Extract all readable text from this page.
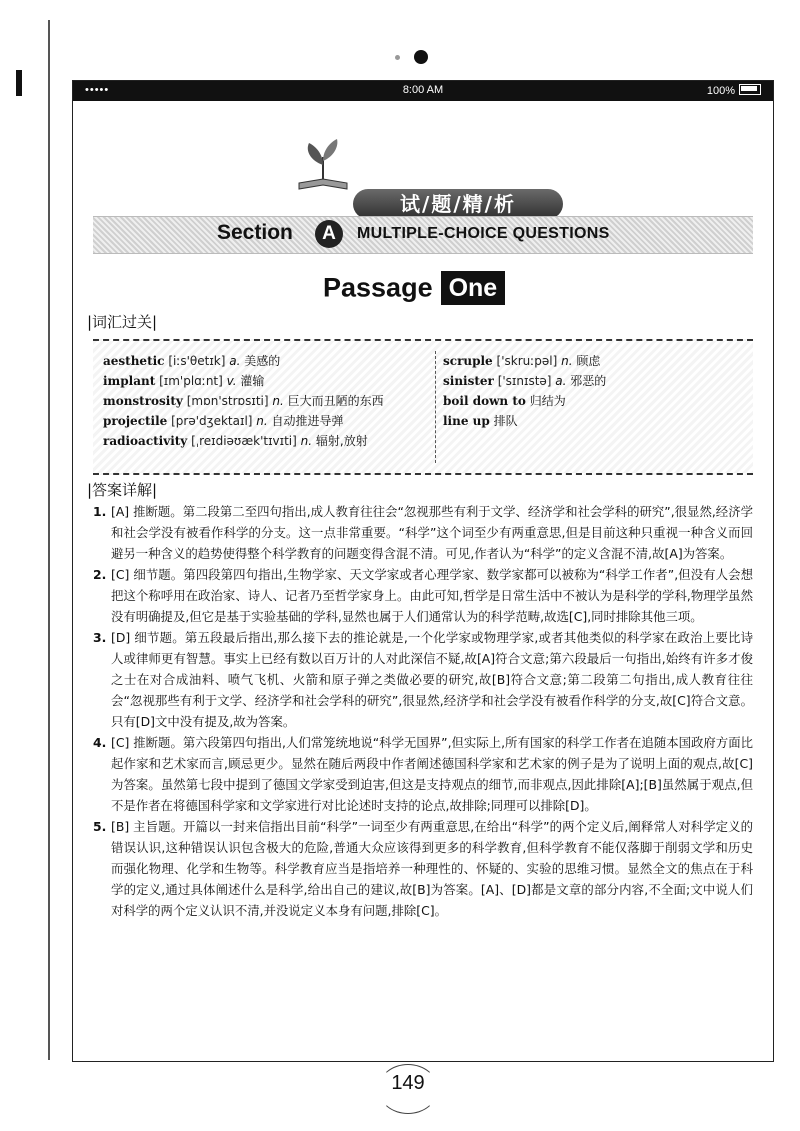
•••••	8:00 AM	100%
试/题/精/析
Section	A	MULTIPLE-CHOICE QUESTIONS
Passage One
|词汇过关|
aesthetic [iːs'θetɪk] a. 美感的
implant [ɪm'plɑːnt] v. 灌输
monstrosity [mɒn'strɒsɪti] n. 巨大而丑陋的东西
projectile [prə'dʒektaɪl] n. 自动推进导弹
radioactivity [ˌreɪdiəʊæk'tɪvɪti] n. 辐射,放射
scruple ['skruːpəl] n. 顾虑
sinister ['sɪnɪstə] a. 邪恶的
boil down to 归结为
line up 排队
|答案详解|
1. [A] 推断题。第二段第二至四句指出,成人教育往往会“忽视那些有利于文学、经济学和社会学科的研究”,很显然,经济学和社会学没有被看作科学的分支。这一点非常重要。“科学”这个词至少有两重意思,但是目前这种只重视一种含义而回避另一种含义的趋势使得整个科学教育的问题变得含混不清。可见,作者认为“科学”的定义含混不清,故[A]为答案。
2. [C] 细节题。第四段第四句指出,生物学家、天文学家或者心理学家、数学家都可以被称为“科学工作者”,但没有人会想把这个称呼用在政治家、诗人、记者乃至哲学家身上。由此可知,哲学是日常生活中不被认为是科学的学科,物理学虽然没有明确提及,但它是基于实验基础的学科,显然也属于人们通常认为的科学范畴,故选[C],同时排除其他三项。
3. [D] 细节题。第五段最后指出,那么接下去的推论就是,一个化学家或物理学家,或者其他类似的科学家在政治上要比诗人或律师更有智慧。事实上已经有数以百万计的人对此深信不疑,故[A]符合文意;第六段最后一句指出,始终有许多才俊之士在对合成油料、喷气飞机、火箭和原子弹之类做必要的研究,故[B]符合文意;第二段第二句指出,成人教育往往会“忽视那些有利于文学、经济学和社会学科的研究”,很显然,经济学和社会学没有被看作科学的分支,故[C]符合文意。只有[D]文中没有提及,故为答案。
4. [C] 推断题。第六段第四句指出,人们常笼统地说“科学无国界”,但实际上,所有国家的科学工作者在追随本国政府方面比起作家和艺术家而言,顾忌更少。显然在随后两段中作者阐述德国科学家和艺术家的例子是为了说明上面的观点,故[C]为答案。虽然第七段中提到了德国文学家受到迫害,但这是支持观点的细节,而非观点,因此排除[A];[B]虽然属于观点,但不是作者在将德国科学家和文学家进行对比论述时支持的论点,故排除;同理可以排除[D]。
5. [B] 主旨题。开篇以一封来信指出目前“科学”一词至少有两重意思,在给出“科学”的两个定义后,阐释常人对科学定义的错误认识,这种错误认识包含极大的危险,普通大众应该得到更多的科学教育,但科学教育不能仅落脚于削弱文学和历史而强化物理、化学和生物等。科学教育应当是指培养一种理性的、怀疑的、实验的思维习惯。显然全文的焦点在于科学的定义,通过具体阐述什么是科学,给出自己的建议,故[B]为答案。[A]、[D]都是文章的部分内容,不全面;文中说人们对科学的两个定义认识不清,并没说定义本身有问题,排除[C]。
149
